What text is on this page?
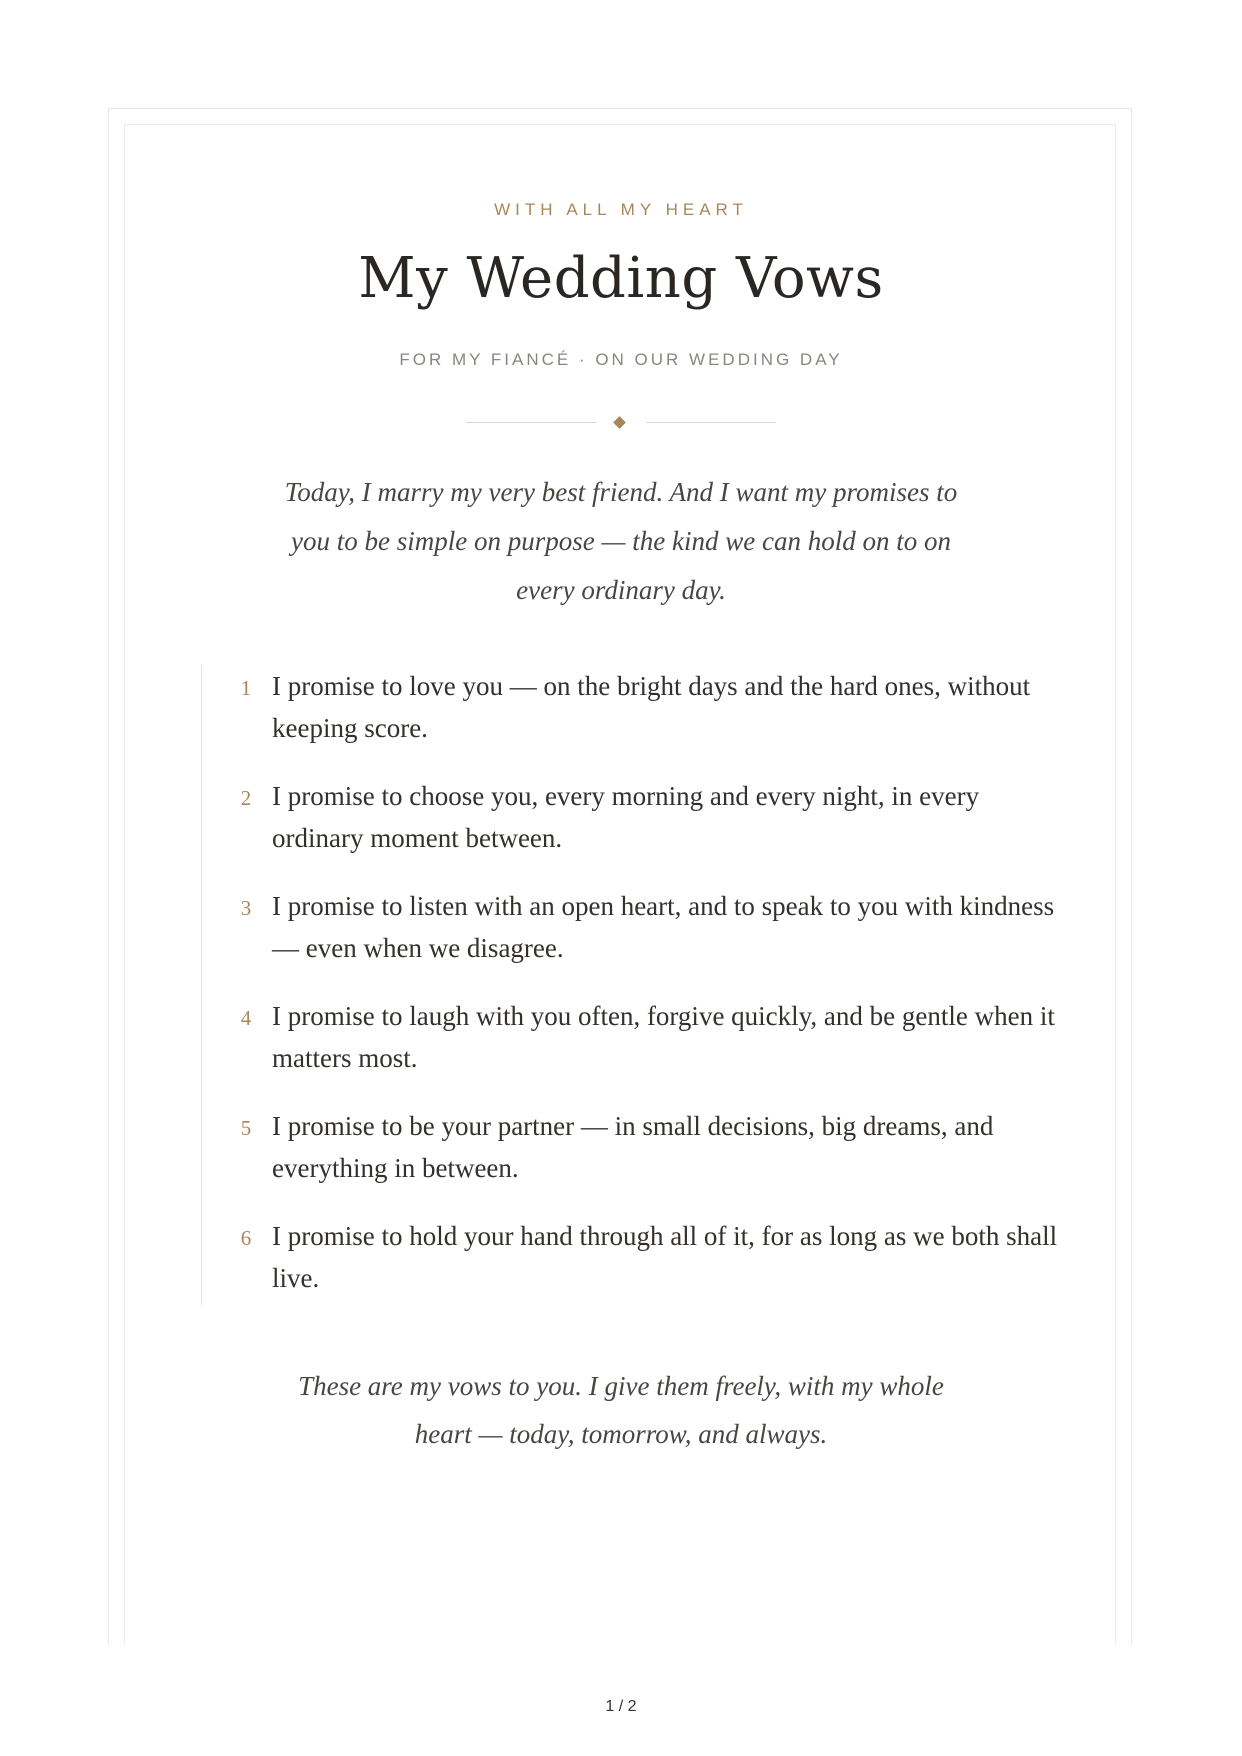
WITH ALL MY HEART
My Wedding Vows
FOR MY FIANCÉ · ON OUR WEDDING DAY
Today, I marry my very best friend. And I want my promises to you to be simple on purpose — the kind we can hold on to on every ordinary day.
1 I promise to love you — on the bright days and the hard ones, without keeping score.
2 I promise to choose you, every morning and every night, in every ordinary moment between.
3 I promise to listen with an open heart, and to speak to you with kindness — even when we disagree.
4 I promise to laugh with you often, forgive quickly, and be gentle when it matters most.
5 I promise to be your partner — in small decisions, big dreams, and everything in between.
6 I promise to hold your hand through all of it, for as long as we both shall live.
These are my vows to you. I give them freely, with my whole heart — today, tomorrow, and always.
1 / 2
